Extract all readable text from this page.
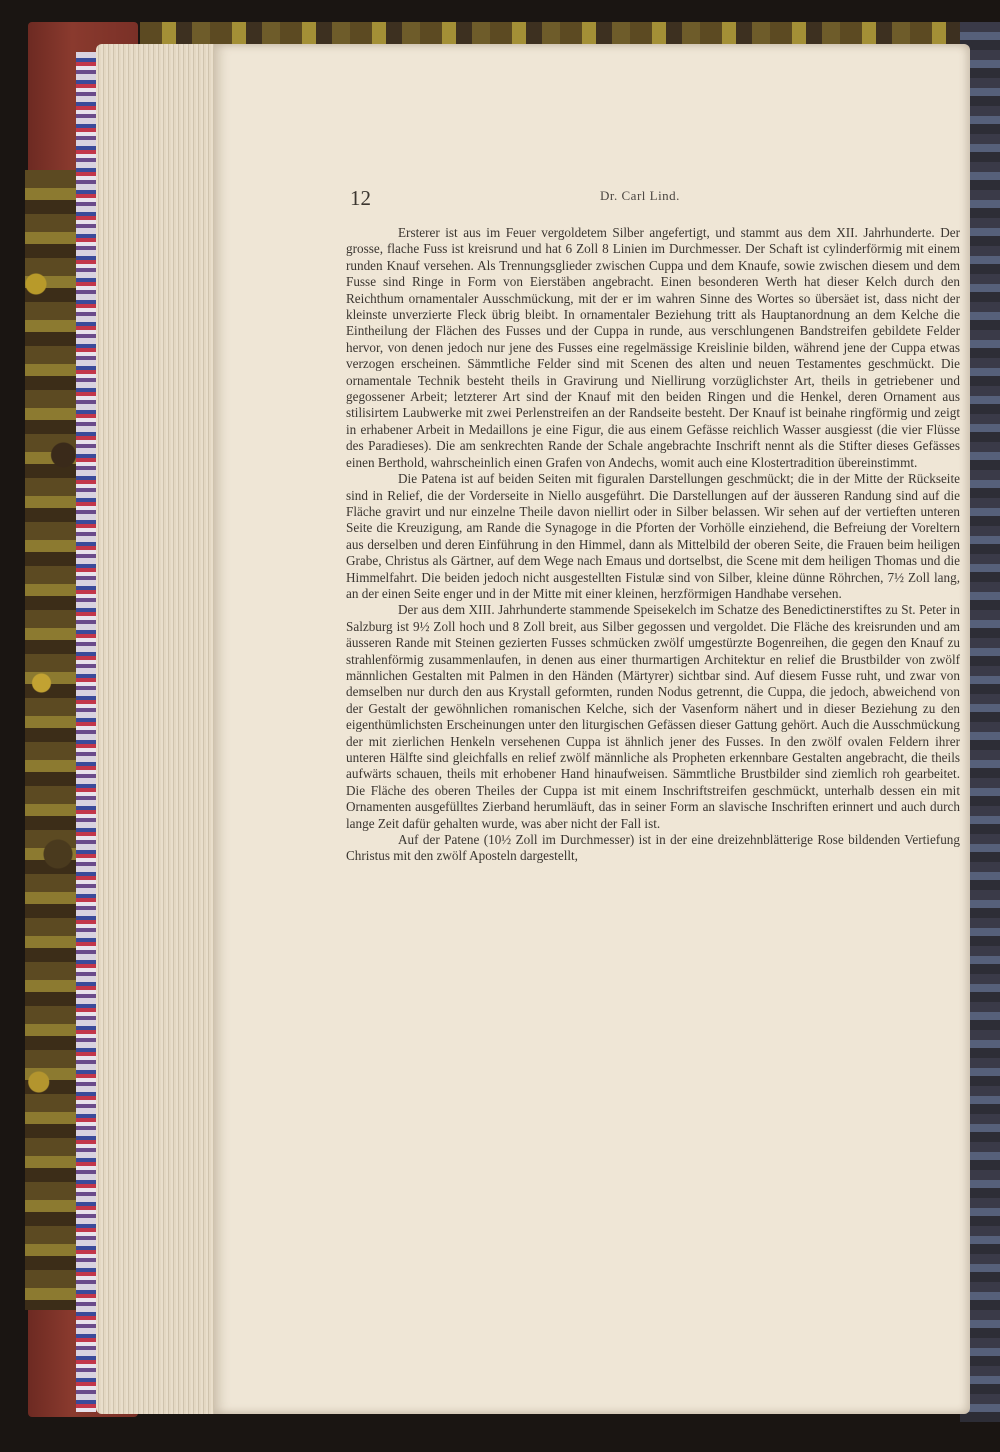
12	Dr. Carl Lind.

Ersterer ist aus im Feuer vergoldetem Silber angefertigt, und stammt aus dem XII. Jahrhunderte. Der grosse, flache Fuss ist kreisrund und hat 6 Zoll 8 Linien im Durchmesser. Der Schaft ist cylinderförmig mit einem runden Knauf versehen. Als Trennungsglieder zwischen Cuppa und dem Knaufe, sowie zwischen diesem und dem Fusse sind Ringe in Form von Eierstäben angebracht. Einen besonderen Werth hat dieser Kelch durch den Reichthum ornamentaler Ausschmückung, mit der er im wahren Sinne des Wortes so übersäet ist, dass nicht der kleinste unverzierte Fleck übrig bleibt. In ornamentaler Beziehung tritt als Hauptanordnung an dem Kelche die Eintheilung der Flächen des Fusses und der Cuppa in runde, aus verschlungenen Bandstreifen gebildete Felder hervor, von denen jedoch nur jene des Fusses eine regelmässige Kreislinie bilden, während jene der Cuppa etwas verzogen erscheinen. Sämmtliche Felder sind mit Scenen des alten und neuen Testamentes geschmückt. Die ornamentale Technik besteht theils in Gravirung und Niellirung vorzüglichster Art, theils in getriebener und gegossener Arbeit; letzterer Art sind der Knauf mit den beiden Ringen und die Henkel, deren Ornament aus stilisirtem Laubwerke mit zwei Perlenstreifen an der Randseite besteht. Der Knauf ist beinahe ringförmig und zeigt in erhabener Arbeit in Medaillons je eine Figur, die aus einem Gefässe reichlich Wasser ausgiesst (die vier Flüsse des Paradieses). Die am senkrechten Rande der Schale angebrachte Inschrift nennt als die Stifter dieses Gefässes einen Berthold, wahrscheinlich einen Grafen von Andechs, womit auch eine Klostertradition übereinstimmt.

Die Patena ist auf beiden Seiten mit figuralen Darstellungen geschmückt; die in der Mitte der Rückseite sind in Relief, die der Vorderseite in Niello ausgeführt. Die Darstellungen auf der äusseren Randung sind auf die Fläche gravirt und nur einzelne Theile davon niellirt oder in Silber belassen. Wir sehen auf der vertieften unteren Seite die Kreuzigung, am Rande die Synagoge in die Pforten der Vorhölle einziehend, die Befreiung der Voreltern aus derselben und deren Einführung in den Himmel, dann als Mittelbild der oberen Seite, die Frauen beim heiligen Grabe, Christus als Gärtner, auf dem Wege nach Emaus und dortselbst, die Scene mit dem heiligen Thomas und die Himmelfahrt. Die beiden jedoch nicht ausgestellten Fistulæ sind von Silber, kleine dünne Röhrchen, 7½ Zoll lang, an der einen Seite enger und in der Mitte mit einer kleinen, herzförmigen Handhabe versehen.

Der aus dem XIII. Jahrhunderte stammende Speisekelch im Schatze des Benedictinerstiftes zu St. Peter in Salzburg ist 9½ Zoll hoch und 8 Zoll breit, aus Silber gegossen und vergoldet. Die Fläche des kreisrunden und am äusseren Rande mit Steinen gezierten Fusses schmücken zwölf umgestürzte Bogenreihen, die gegen den Knauf zu strahlenförmig zusammenlaufen, in denen aus einer thurmartigen Architektur en relief die Brustbilder von zwölf männlichen Gestalten mit Palmen in den Händen (Märtyrer) sichtbar sind. Auf diesem Fusse ruht, und zwar von demselben nur durch den aus Krystall geformten, runden Nodus getrennt, die Cuppa, die jedoch, abweichend von der Gestalt der gewöhnlichen romanischen Kelche, sich der Vasenform nähert und in dieser Beziehung zu den eigenthümlichsten Erscheinungen unter den liturgischen Gefässen dieser Gattung gehört. Auch die Ausschmückung der mit zierlichen Henkeln versehenen Cuppa ist ähnlich jener des Fusses. In den zwölf ovalen Feldern ihrer unteren Hälfte sind gleichfalls en relief zwölf männliche als Propheten erkennbare Gestalten angebracht, die theils aufwärts schauen, theils mit erhobener Hand hinaufweisen. Sämmtliche Brustbilder sind ziemlich roh gearbeitet. Die Fläche des oberen Theiles der Cuppa ist mit einem Inschriftstreifen geschmückt, unterhalb dessen ein mit Ornamenten ausgefülltes Zierband herumläuft, das in seiner Form an slavische Inschriften erinnert und auch durch lange Zeit dafür gehalten wurde, was aber nicht der Fall ist.

Auf der Patene (10½ Zoll im Durchmesser) ist in der eine dreizehnblätterige Rose bildenden Vertiefung Christus mit den zwölf Aposteln dargestellt,
